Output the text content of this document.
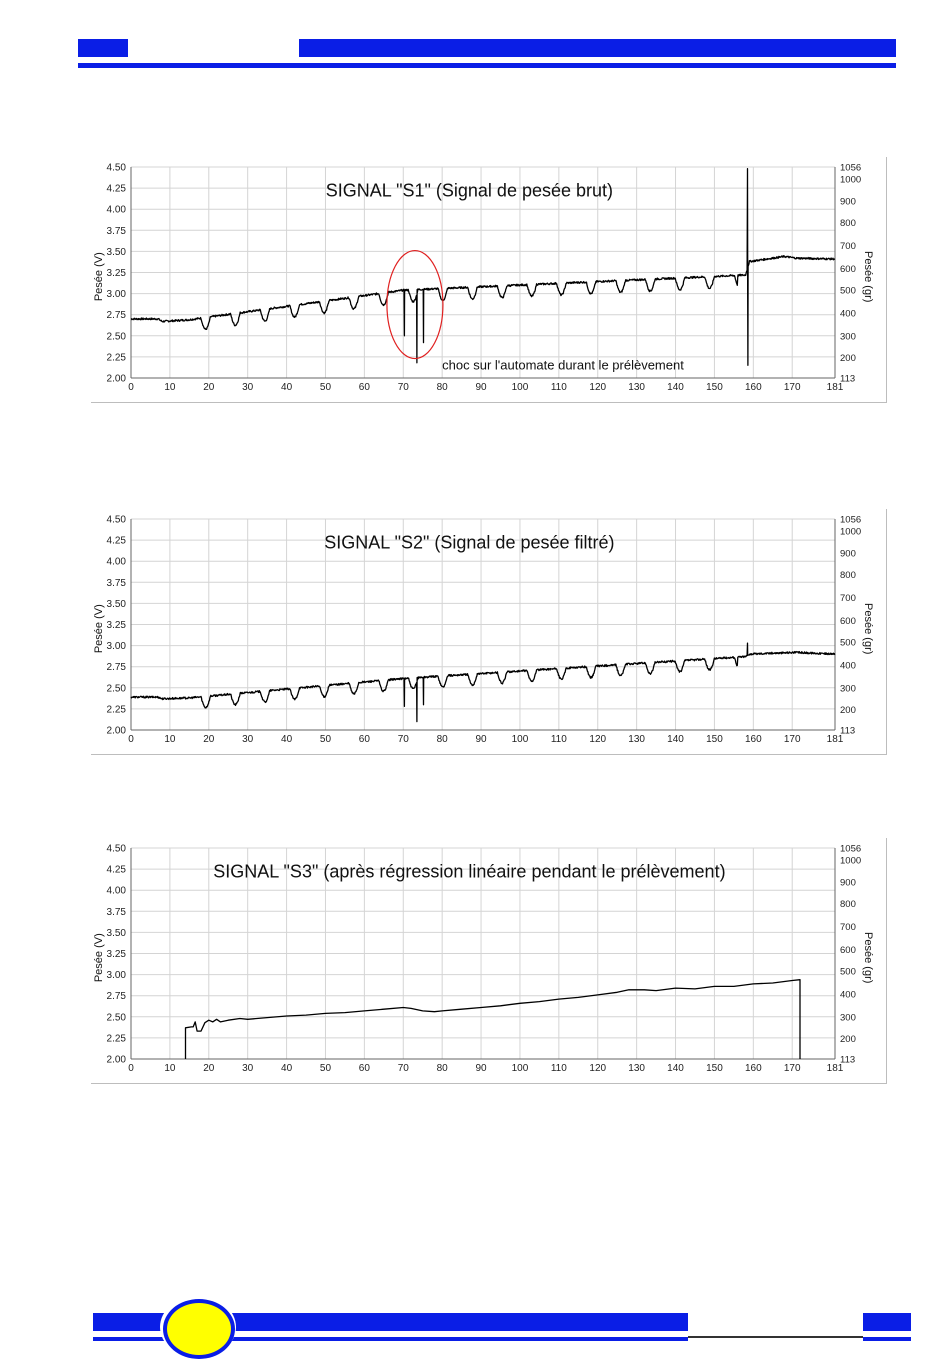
0	10	20	30	40	50	60	70	80	90 100 110 120 130 140 150 160 170	181
2.00
2.25
2.50
2.75
3.00
3.25
3.50
3.75
4.00
4.25
4.50
113
200
300
400
500
600
700
800
900
1000
1056
Pesée (V)	Pesée (gr)
SIGNAL "S1" (Signal de pesée brut)
choc sur l'automate durant le prélèvement
0	10	20	30	40	50	60	70	80	90 100 110 120 130 140 150 160 170	181
2.00
2.25
2.50
2.75
3.00
3.25
3.50
3.75
4.00
4.25
4.50
113
200
300
400
500
600
700
800
900
1000
1056
Pesée (V)	Pesée (gr)
SIGNAL "S2" (Signal de pesée filtré)
0	10	20	30	40	50	60	70	80	90 100 110 120 130 140 150 160 170	181
2.00
2.25
2.50
2.75
3.00
3.25
3.50
3.75
4.00
4.25
4.50
113
200
300
400
500
600
700
800
900
1000
1056
Pesée (V)	Pesée (gr)
SIGNAL "S3" (après régression linéaire pendant le prélèvement)
